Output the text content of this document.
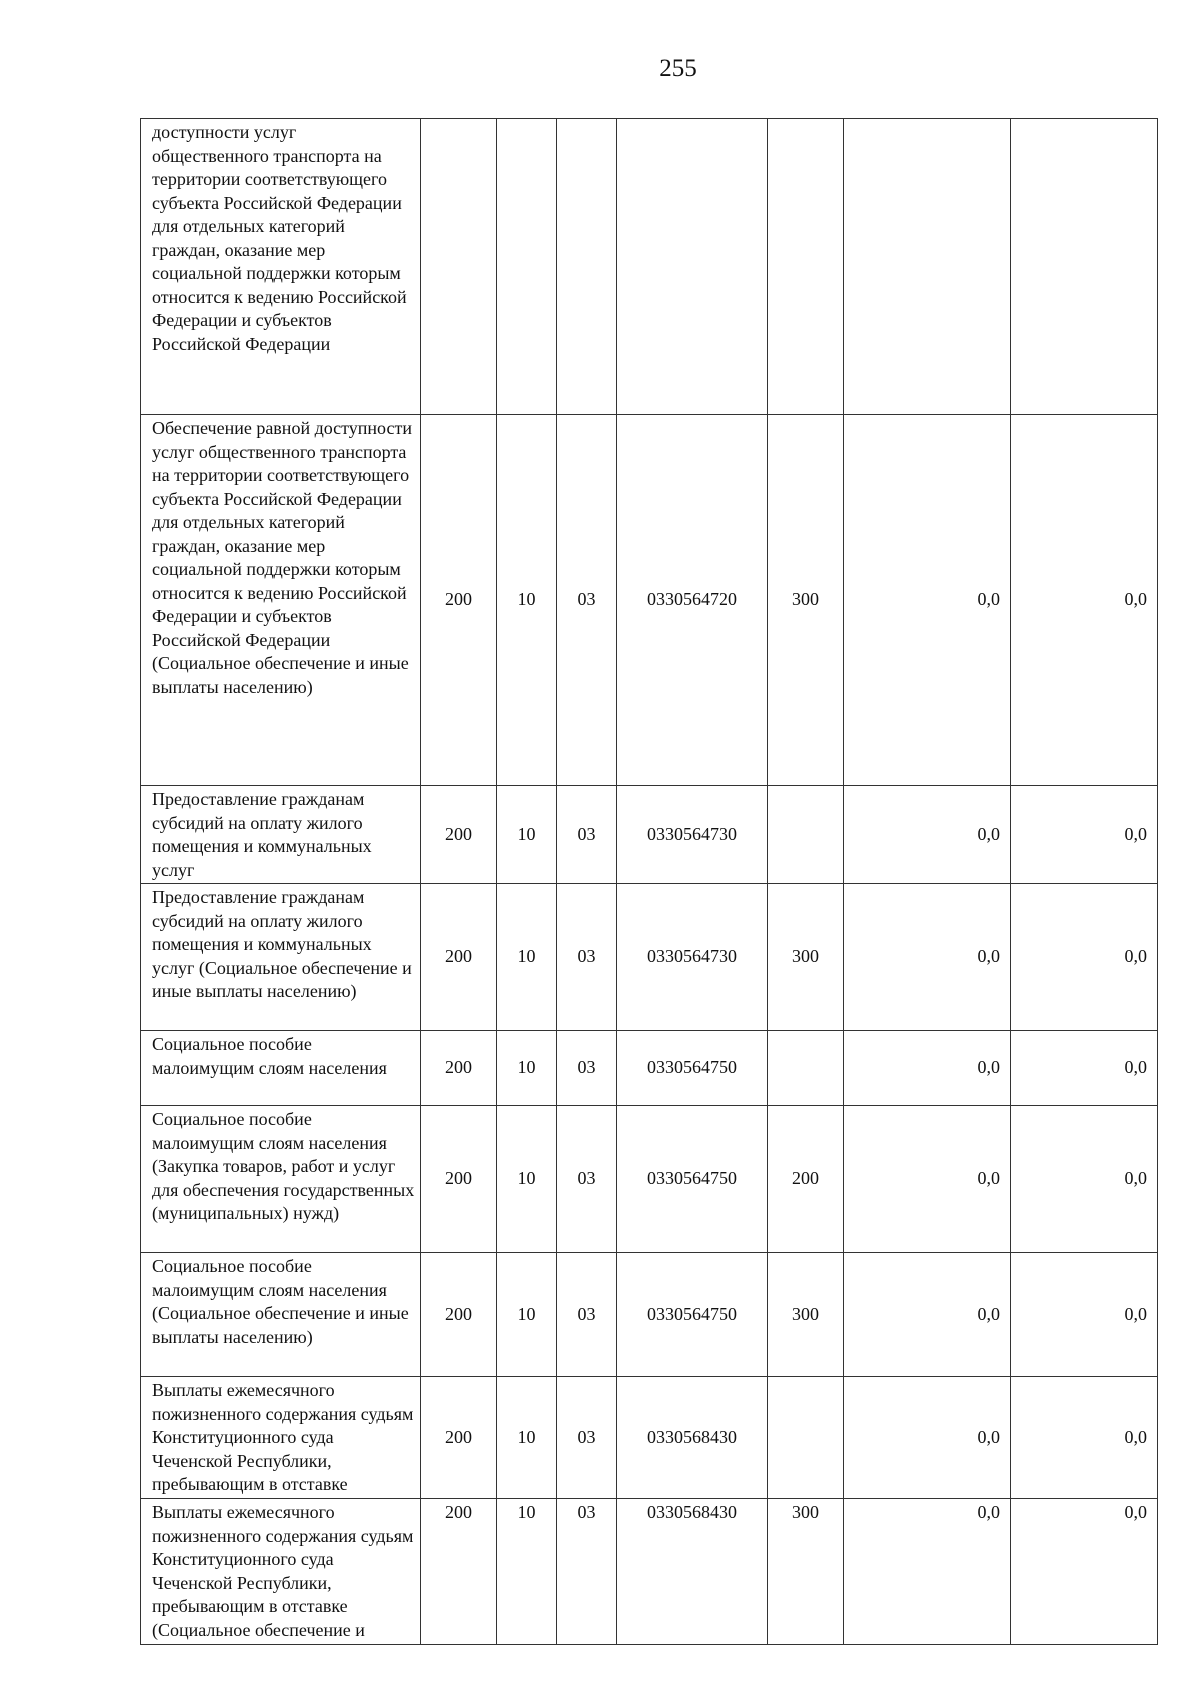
255
доступности услуг общественного транспорта на территории соответствующего субъекта Российской Федерации для отдельных категорий граждан, оказание мер социальной поддержки которым относится к ведению Российской Федерации и субъектов Российской Федерации							
Обеспечение равной доступности услуг общественного транспорта на территории соответствующего субъекта Российской Федерации для отдельных категорий граждан, оказание мер социальной поддержки которым относится к ведению Российской Федерации и субъектов Российской Федерации (Социальное обеспечение и иные выплаты населению)	200	10	03	0330564720	300	0,0	0,0
Предоставление гражданам субсидий на оплату жилого помещения и коммунальных услуг	200	10	03	0330564730		0,0	0,0
Предоставление гражданам субсидий на оплату жилого помещения и коммунальных услуг (Социальное обеспечение и иные выплаты населению)	200	10	03	0330564730	300	0,0	0,0
Социальное пособие малоимущим слоям населения	200	10	03	0330564750		0,0	0,0
Социальное пособие малоимущим слоям населения (Закупка товаров, работ и услуг для обеспечения государственных (муниципальных) нужд)	200	10	03	0330564750	200	0,0	0,0
Социальное пособие малоимущим слоям населения (Социальное обеспечение и иные выплаты населению)	200	10	03	0330564750	300	0,0	0,0
Выплаты ежемесячного пожизненного содержания судьям Конституционного суда Чеченской Республики, пребывающим в отставке	200	10	03	0330568430		0,0	0,0
Выплаты ежемесячного пожизненного содержания судьям Конституционного суда Чеченской Республики, пребывающим в отставке (Социальное обеспечение и	200	10	03	0330568430	300	0,0	0,0
